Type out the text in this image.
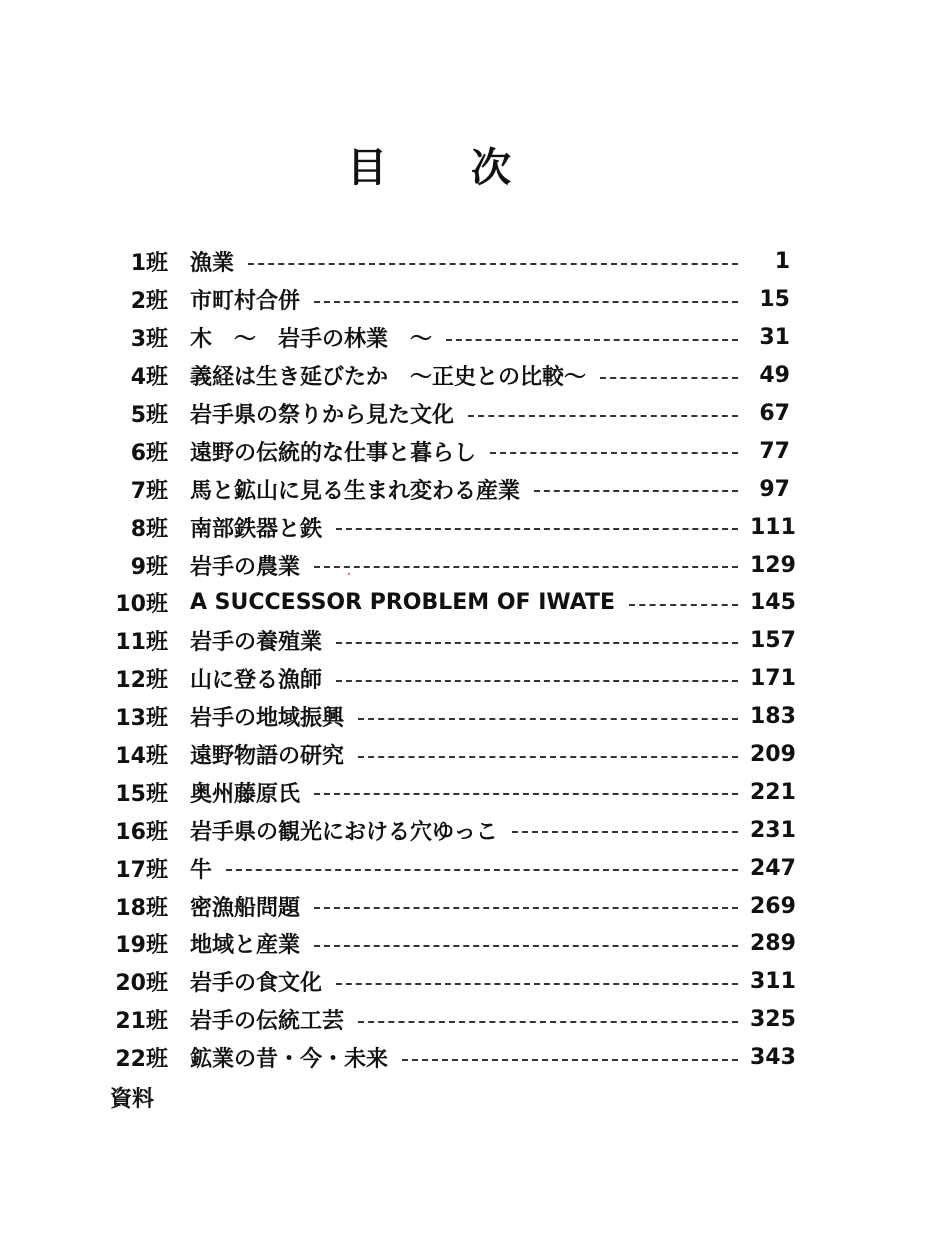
目 次
1班 漁業	1
2班 市町村合併	15
3班 木　～　岩手の林業　～	31
4班 義経は生き延びたか　～正史との比較～	49
5班 岩手県の祭りから見た文化	67
6班 遠野の伝統的な仕事と暮らし	77
7班 馬と鉱山に見る生まれ変わる産業	97
8班 南部鉄器と鉄	111
9班 岩手の農業	129
10班 A SUCCESSOR PROBLEM OF IWATE	145
11班 岩手の養殖業	157
12班 山に登る漁師	171
13班 岩手の地域振興	183
14班 遠野物語の研究	209
15班 奥州藤原氏	221
16班 岩手県の観光における穴ゆっこ	231
17班 牛	247
18班 密漁船問題	269
19班 地域と産業	289
20班 岩手の食文化	311
21班 岩手の伝統工芸	325
22班 鉱業の昔・今・未来	343
資料
